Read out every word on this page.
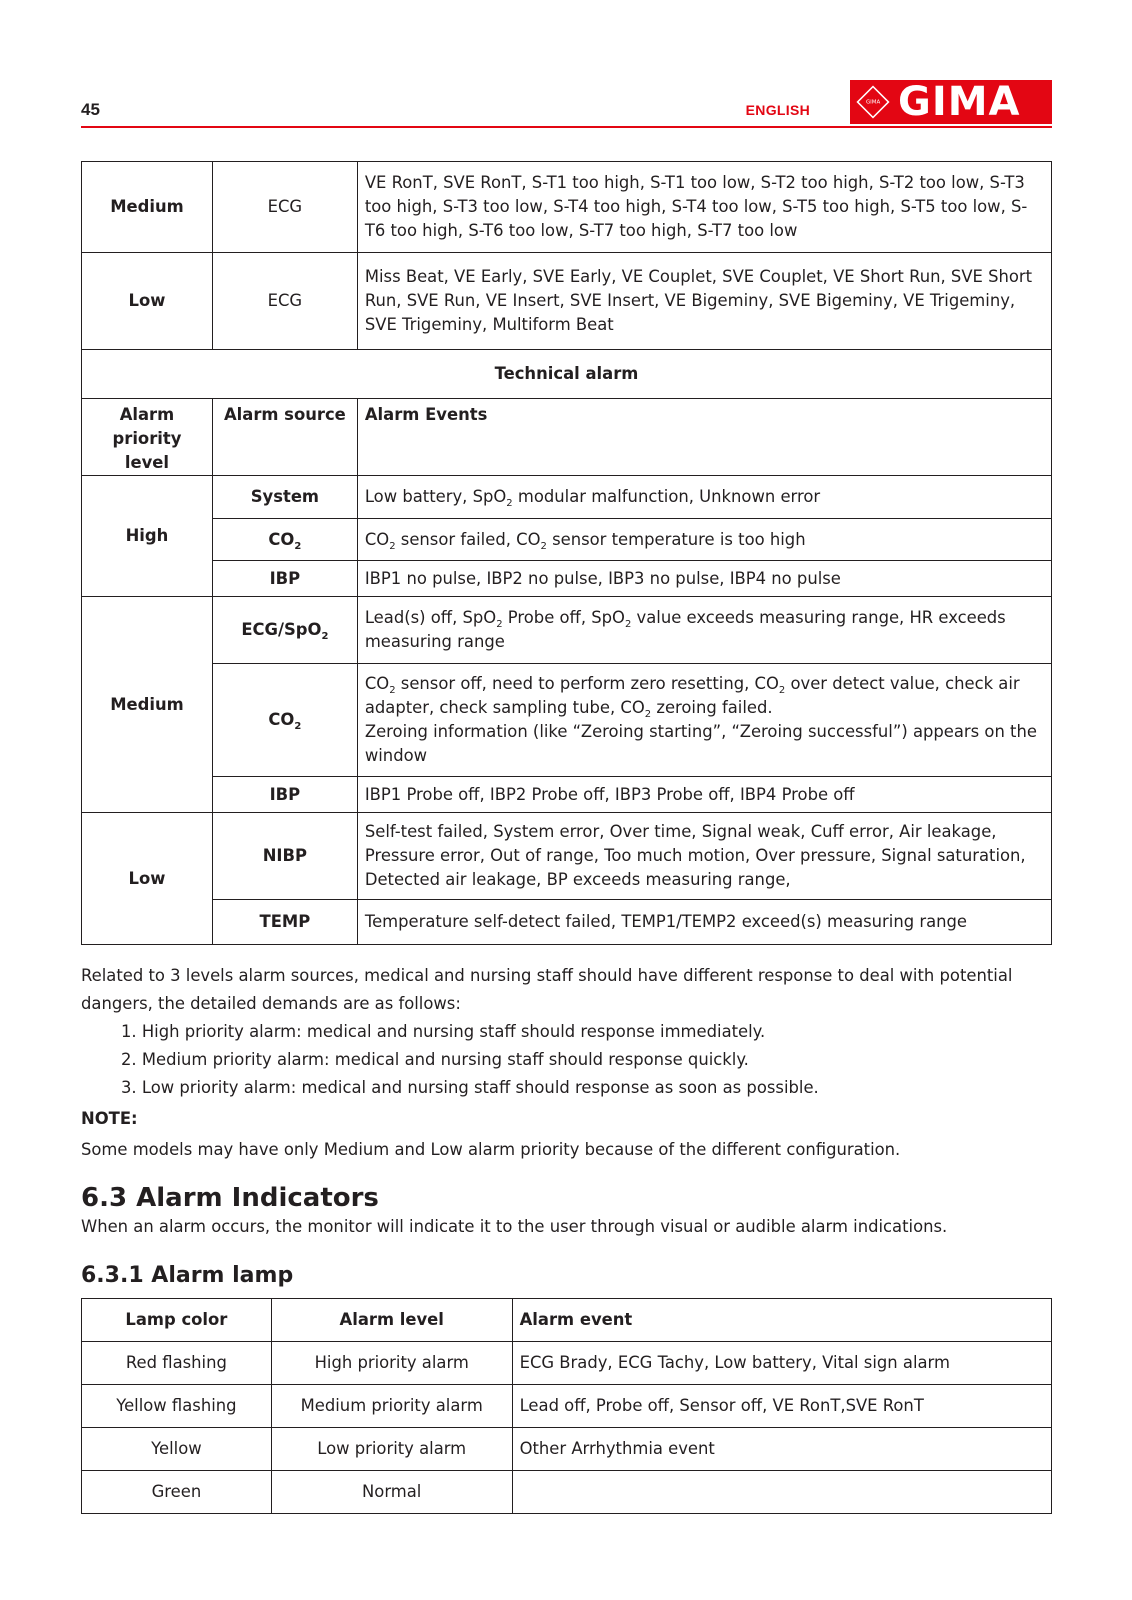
45	ENGLISH
GIMA GIMA
Medium	ECG	VE RonT, SVE RonT, S-T1 too high, S-T1 too low, S-T2 too high, S-T2 too low, S-T3 too high, S-T3 too low, S-T4 too high, S-T4 too low, S-T5 too high, S-T5 too low, S-T6 too high, S-T6 too low, S-T7 too high, S-T7 too low
Low	ECG	Miss Beat, VE Early, SVE Early, VE Couplet, SVE Couplet, VE Short Run, SVE Short Run, SVE Run, VE Insert, SVE Insert, VE Bigeminy, SVE Bigeminy, VE Trigeminy, SVE Trigeminy, Multiform Beat
Technical alarm		
Alarm priority level	Alarm source	Alarm Events
High	System	Low battery, SpO$_2$ modular malfunction, Unknown error
	$CO_2$	$CO_2$ sensor failed, $CO_2$ sensor temperature is too high
	IBP	IBP1 no pulse, IBP2 no pulse, IBP3 no pulse, IBP4 no pulse
Medium	ECG/SpO$_2$	Lead(s) off, SpO$_2$ Probe off, SpO$_2$ value exceeds measuring range, HR exceeds measuring range
	$CO_2$	$CO_2$ sensor off, need to perform zero resetting, $CO_2$ over detect value, check air adapter, check sampling tube, $CO_2$ zeroing failed.
Zeroing information (like “Zeroing starting”, “Zeroing successful”) appears on the window
	IBP	IBP1 Probe off, IBP2 Probe off, IBP3 Probe off, IBP4 Probe off
Low	NIBP	Self-test failed, System error, Over time, Signal weak, Cuff error, Air leakage, Pressure error, Out of range, Too much motion, Over pressure, Signal saturation, Detected air leakage, BP exceeds measuring range,
	TEMP	Temperature self-detect failed, TEMP1/TEMP2 exceed(s) measuring range
Related to 3 levels alarm sources, medical and nursing staff should have different response to deal with potential dangers, the detailed demands are as follows:
1. High priority alarm: medical and nursing staff should response immediately.
2. Medium priority alarm: medical and nursing staff should response quickly.
3. Low priority alarm: medical and nursing staff should response as soon as possible.
NOTE:
Some models may have only Medium and Low alarm priority because of the different configuration.
6.3 Alarm Indicators
When an alarm occurs, the monitor will indicate it to the user through visual or audible alarm indications.
6.3.1 Alarm lamp
Lamp color	Alarm level	Alarm event
Red flashing	High priority alarm	ECG Brady, ECG Tachy, Low battery, Vital sign alarm
Yellow flashing	Medium priority alarm	Lead off, Probe off, Sensor off, VE RonT,SVE RonT
Yellow	Low priority alarm	Other Arrhythmia event
Green	Normal	
